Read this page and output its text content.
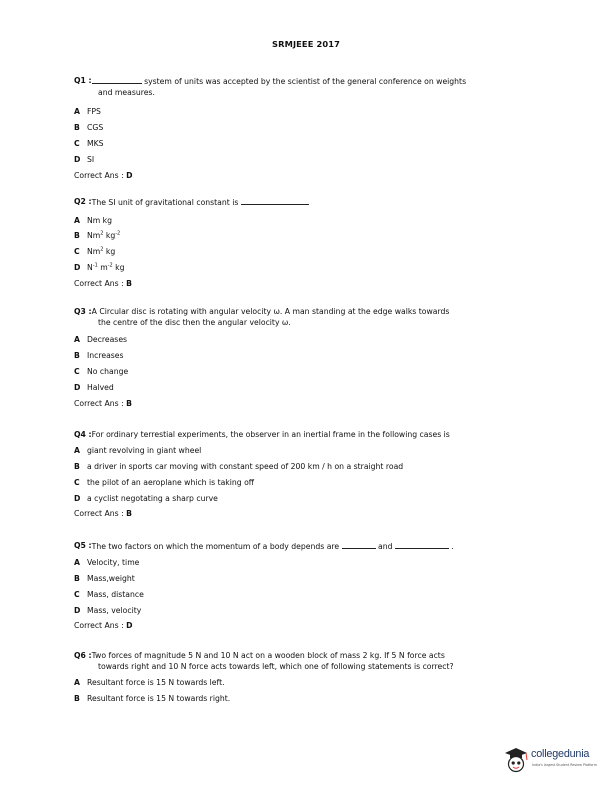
SRMJEEE 2017
Q1 :	system of units was accepted by the scientist of the general conference on weights
and measures.
A FPS
B CGS
C MKS
D SI
Correct Ans : D
Q2 : The SI unit of gravitational constant is
A Nm kg
B Nm$^2$ $kg^{-2}$
C Nm$^2$ kg
D $N^{-1}$ $m^{-2}$ kg
Correct Ans : B
Q3 : A Circular disc is rotating with angular velocity ω. A man standing at the edge walks towards
the centre of the disc then the angular velocity ω.
A Decreases
B Increases
C No change
D Halved
Correct Ans : B
Q4 : For ordinary terrestial experiments, the observer in an inertial frame in the following cases is
A giant revolving in giant wheel
B a driver in sports car moving with constant speed of 200 km / h on a straight road
C the pilot of an aeroplane which is taking off
D a cyclist negotating a sharp curve
Correct Ans : B
Q5 : The two factors on which the momentum of a body depends are	and	.
A Velocity, time
B Mass,weight
C Mass, distance
D Mass, velocity
Correct Ans : D
Q6 : Two forces of magnitude 5 N and 10 N act on a wooden block of mass 2 kg. If 5 N force acts
towards right and 10 N force acts towards left, which one of following statements is correct?
A Resultant force is 15 N towards left.
B Resultant force is 15 N towards right.
collegedunia
India's largest Student Review Platform
